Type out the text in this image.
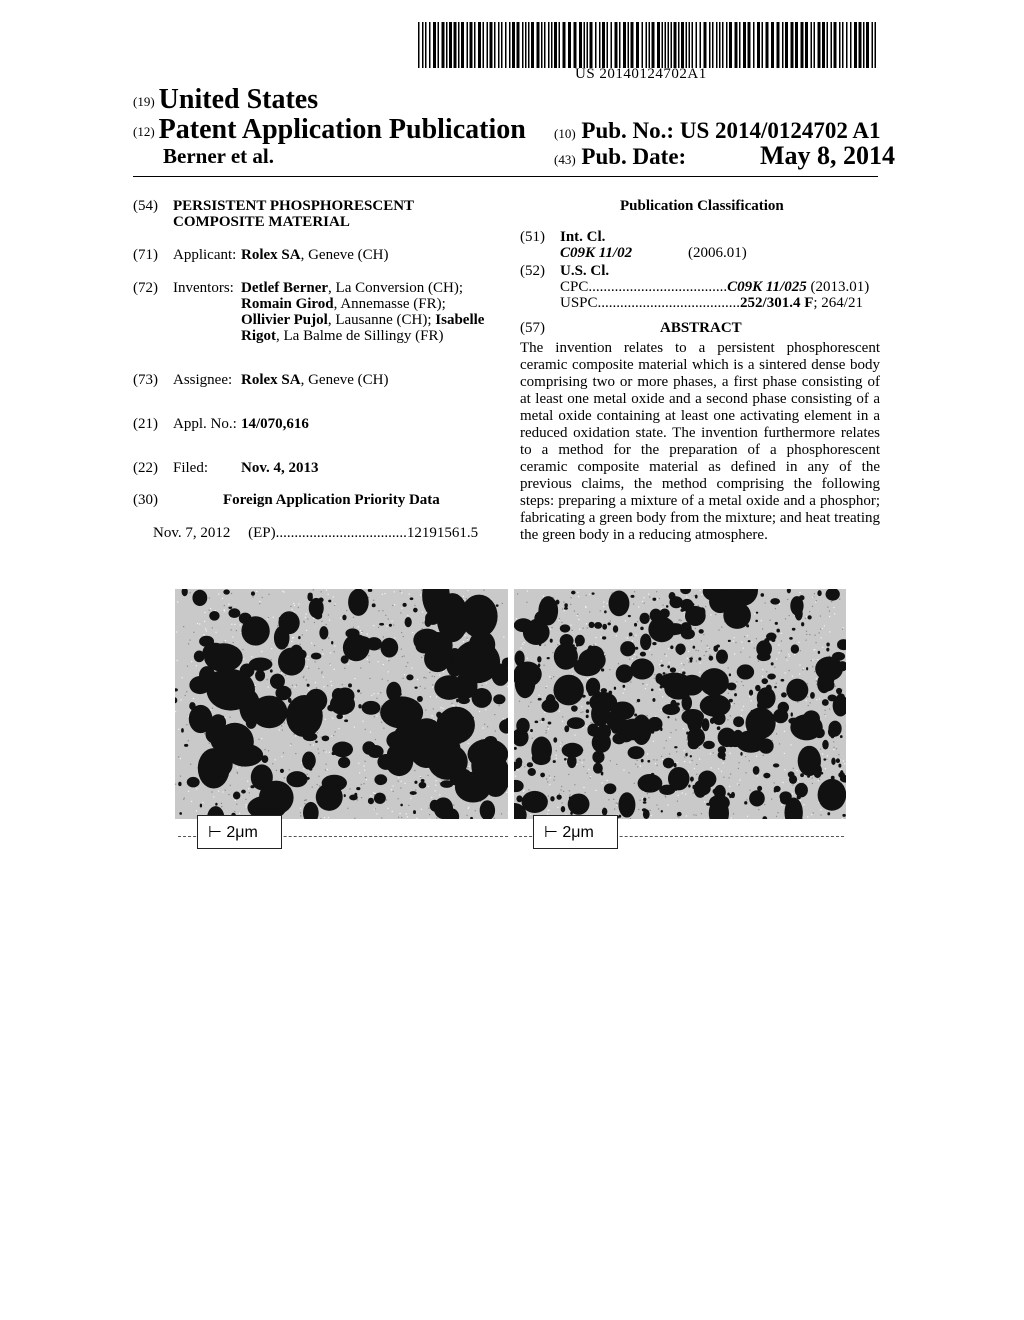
US 20140124702A1
(19) United States
(12) Patent Application Publication
Berner et al.
(10) Pub. No.: US 2014/0124702 A1
(43) Pub. Date:	May 8, 2014
(54) PERSISTENT PHOSPHORESCENT
COMPOSITE MATERIAL
(71) Applicant: Rolex SA, Geneve (CH)
(72) Inventors: Detlef Berner, La Conversion (CH);
Romain Girod, Annemasse (FR);
Ollivier Pujol, Lausanne (CH); Isabelle
Rigot, La Balme de Sillingy (FR)
(73) Assignee: Rolex SA, Geneve (CH)
(21) Appl. No.: 14/070,616
(22) Filed: Nov. 4, 2013
(30)	Foreign Application Priority Data
Nov. 7, 2012 (EP)...................................12191561.5
Publication Classification
(51) Int. Cl.
C09K 11/02	(2006.01)
(52) U.S. Cl.
CPC.....................................C09K 11/025 (2013.01)
USPC......................................252/301.4 F; 264/21
(57)	ABSTRACT
The invention relates to a persistent phosphorescent ceramic composite material which is a sintered dense body comprising two or more phases, a first phase consisting of at least one metal oxide and a second phase consisting of a metal oxide containing at least one activating element in a reduced oxidation state. The invention furthermore relates to a method for the preparation of a phosphorescent ceramic composite material as defined in any of the previous claims, the method comprising the following steps: preparing a mixture of a metal oxide and a phosphor; fabricating a green body from the mixture; and heat treating the green body in a reducing atmosphere.
⊢ 2μm	⊢ 2μm
